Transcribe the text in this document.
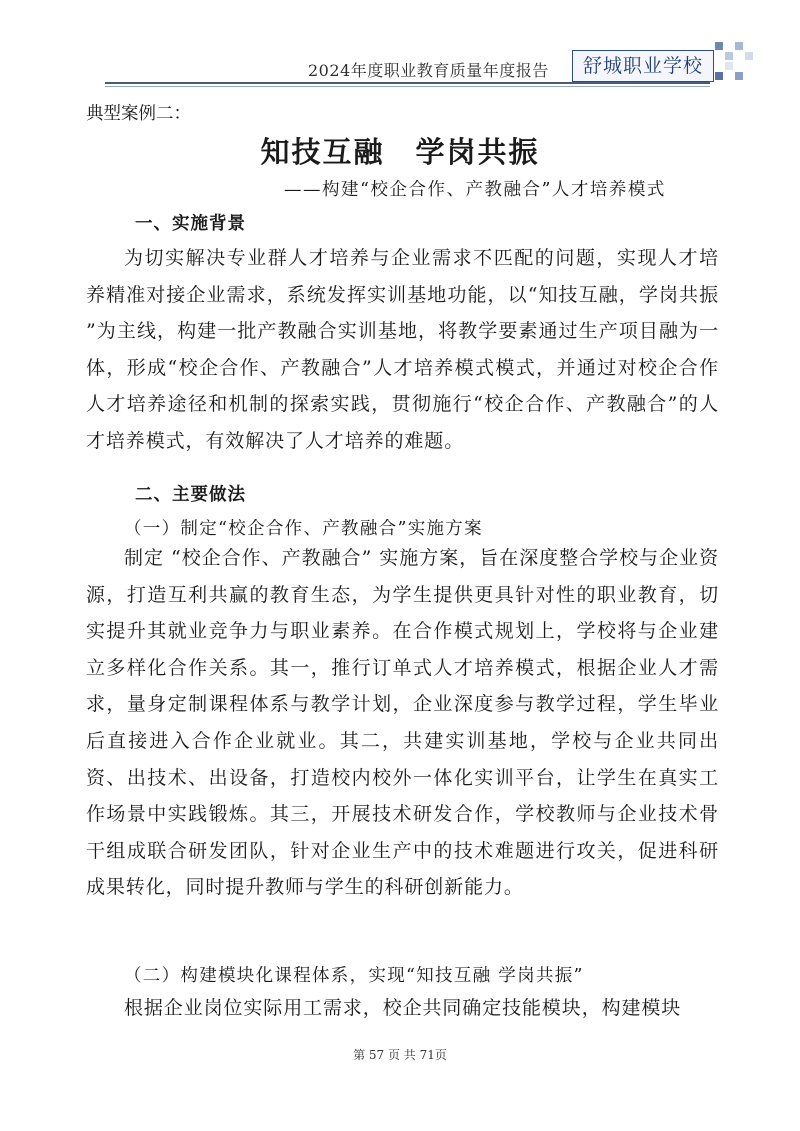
2024年度职业教育质量年度报告	舒城职业学校
典型案例二：
知技互融　学岗共振
——构建“校企合作、产教融合”人才培养模式
一、实施背景

为切实解决专业群人才培养与企业需求不匹配的问题，实现人才培养精准对接企业需求，系统发挥实训基地功能，以“知技互融，学岗共振 ”为主线，构建一批产教融合实训基地，将教学要素通过生产项目融为一体，形成“校企合作、产教融合”人才培养模式模式，并通过对校企合作人才培养途径和机制的探索实践，贯彻施行“校企合作、产教融合”的人才培养模式，有效解决了人才培养的难题。

二、主要做法
（一）制定“校企合作、产教融合”实施方案

制定 “校企合作、产教融合” 实施方案，旨在深度整合学校与企业资源，打造互利共赢的教育生态，为学生提供更具针对性的职业教育，切实提升其就业竞争力与职业素养。在合作模式规划上，学校将与企业建立多样化合作关系。其一，推行订单式人才培养模式，根据企业人才需求，量身定制课程体系与教学计划，企业深度参与教学过程，学生毕业后直接进入合作企业就业。其二，共建实训基地，学校与企业共同出资、出技术、出设备，打造校内校外一体化实训平台，让学生在真实工作场景中实践锻炼。其三，开展技术研发合作，学校教师与企业技术骨干组成联合研发团队，针对企业生产中的技术难题进行攻关，促进科研成果转化，同时提升教师与学生的科研创新能力。

（二）构建模块化课程体系，实现“知技互融 学岗共振”

根据企业岗位实际用工需求，校企共同确定技能模块，构建模块

第 57 页 共 71页
